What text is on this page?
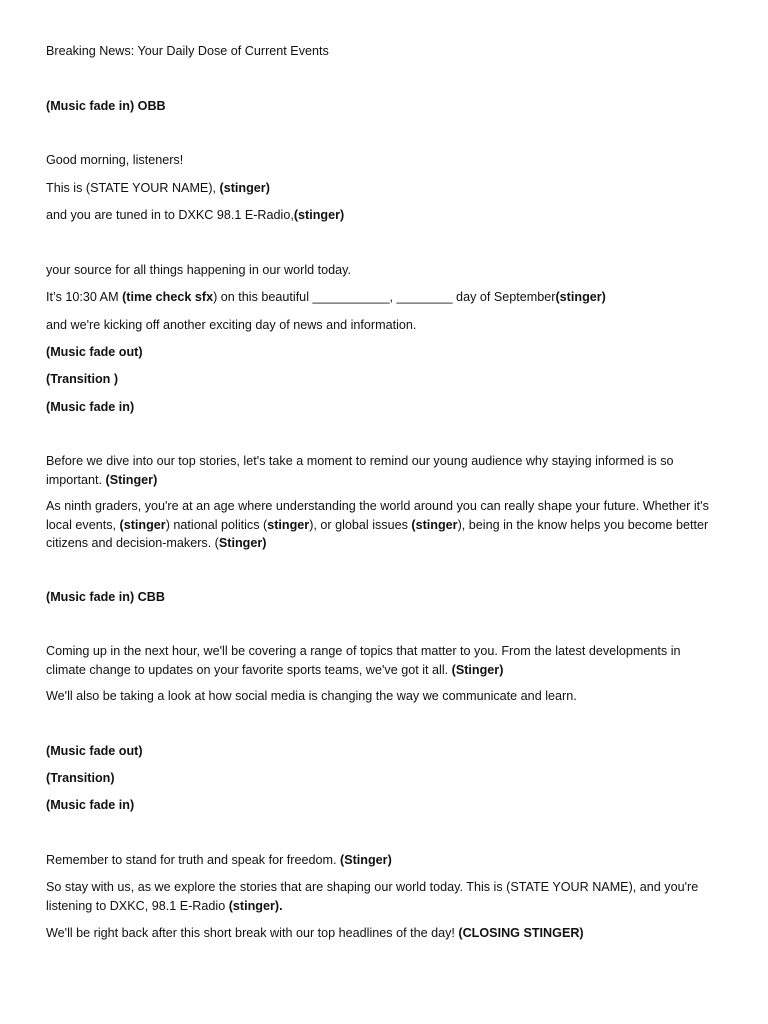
Breaking News: Your Daily Dose of Current Events
(Music fade in) OBB
Good morning, listeners!
This is (STATE YOUR NAME), (stinger)
and you are tuned in to DXKC 98.1 E-Radio,(stinger)
your source for all things happening in our world today.
It’s 10:30 AM (time check sfx) on this beautiful ___________, ________ day of September(stinger)
and we're kicking off another exciting day of news and information.
(Music fade out)
(Transition )
(Music fade in)
Before we dive into our top stories, let's take a moment to remind our young audience why staying informed is so important. (Stinger)
As ninth graders, you're at an age where understanding the world around you can really shape your future. Whether it's local events, (stinger) national politics (stinger), or global issues (stinger), being in the know helps you become better citizens and decision-makers. (Stinger)
(Music fade in) CBB
Coming up in the next hour, we'll be covering a range of topics that matter to you. From the latest developments in climate change to updates on your favorite sports teams, we've got it all. (Stinger)
We'll also be taking a look at how social media is changing the way we communicate and learn.
(Music fade out)
(Transition)
(Music fade in)
Remember to stand for truth and speak for freedom. (Stinger)
So stay with us, as we explore the stories that are shaping our world today. This is (STATE YOUR NAME), and you're listening to DXKC, 98.1 E-Radio (stinger).
We'll be right back after this short break with our top headlines of the day! (CLOSING STINGER)
